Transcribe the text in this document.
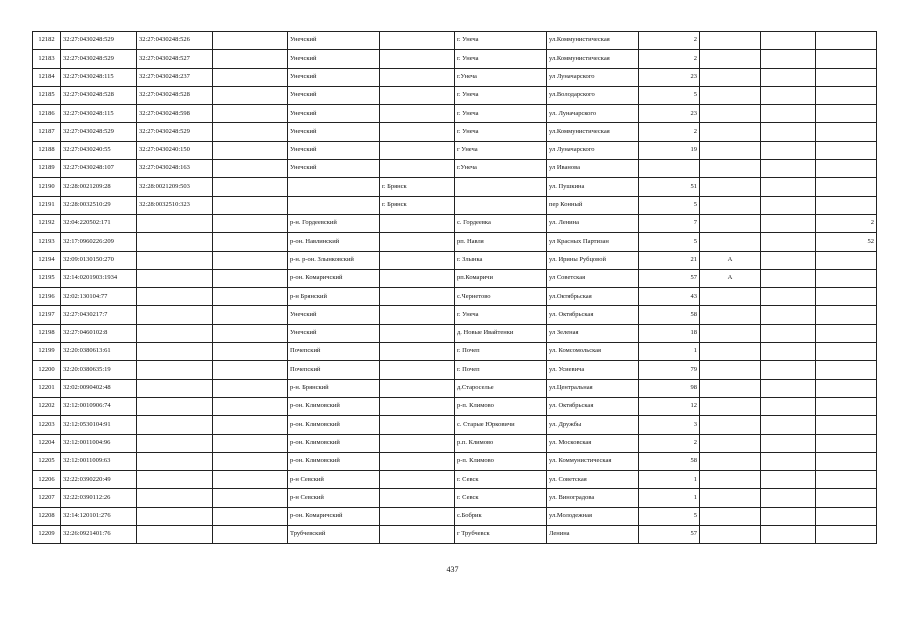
12182	32:27:0430248:529	32:27:0430248:526		Унечский		г. Унеча	ул.Коммунистическая	2			
12183	32:27:0430248:529	32:27:0430248:527		Унечский		г. Унеча	ул.Коммунистическая	2			
12184	32:27:0430248:115	32:27:0430248:237		Унечский		г.Унеча	ул Луначарского	23			
12185	32:27:0430248:528	32:27:0430248:528		Унечский		г. Унеча	ул.Володарского	5			
12186	32:27:0430248:115	32:27:0430248:598		Унечский		г. Унеча	ул. Луначарского	23			
12187	32:27:0430248:529	32:27:0430248:529		Унечский		г. Унеча	ул.Коммунистическая	2			
12188	32:27:0430240:55	32:27:0430240:150		Унечский		г Унеча	ул Луначарского	19			
12189	32:27:0430248:107	32:27:0430248:163		Унечский		г.Унеча	ул Иванова				
12190	32:28:0021209:28	32:28:0021209:503			г. Брянск		ул. Пушкина	51			
12191	32:28:0032510:29	32:28:0032510:323			г. Брянск		пер Конный	5			
12192	32:04:220502:171			р-н. Гордеевский		с. Гордеевка	ул. Ленина	7			2
12193	32:17:0960226:209			р-он. Навлинский		рп. Навля	ул Красных Партизан	5			52
12194	32:09:0130150:270			р-н. р-он. Злынковский		г. Злынка	ул. Ирины Рубцовой	21	А		
12195	32:14:0201903:1934			р-он. Комаричский		рп.Комаричи	ул Советская	57	А		
12196	32:02:130104:77			р-н Брянский		с.Чернетово	ул.Октябрьская	43			
12197	32:27:0430217:7			Унечский		г. Унеча	ул. Октябрьская	58			
12198	32:27:0460102:8			Унечский		д. Новые Ивайтенки	ул Зеленая	18			
12199	32:20:0380613:61			Почепский		г. Почеп	ул. Комсомольская	1			
12200	32:20:0380635:19			Почепский		г. Почеп	ул. Усиевича	79			
12201	32:02:0090402:48			р-н. Брянский		д.Староселье	ул.Центральная	98			
12202	32:12:0010906:74			р-он. Климовский		р-п. Климово	ул. Октябрьская	12			
12203	32:12:0530104:91			р-он. Климовский		с. Старые Юрковичи	ул. Дружбы	3			
12204	32:12:0011004:96			р-он. Климовский		р.п. Климово	ул. Московская	2			
12205	32:12:0011009:63			р-он. Климовский		р-п. Климово	ул. Коммунистическая	58			
12206	32:22:0390220:49			р-н Севский		г. Севск	ул. Советская	1			
12207	32:22:0390112:26			р-н Севский		г. Севск	ул. Виноградова	1			
12208	32:14:120101:276			р-он. Комаричский		с.Бобрик	ул.Молодежная	5			
12209	32:26:0921401:76			Трубчевский		г Трубчевск	Ленина	57			
437
